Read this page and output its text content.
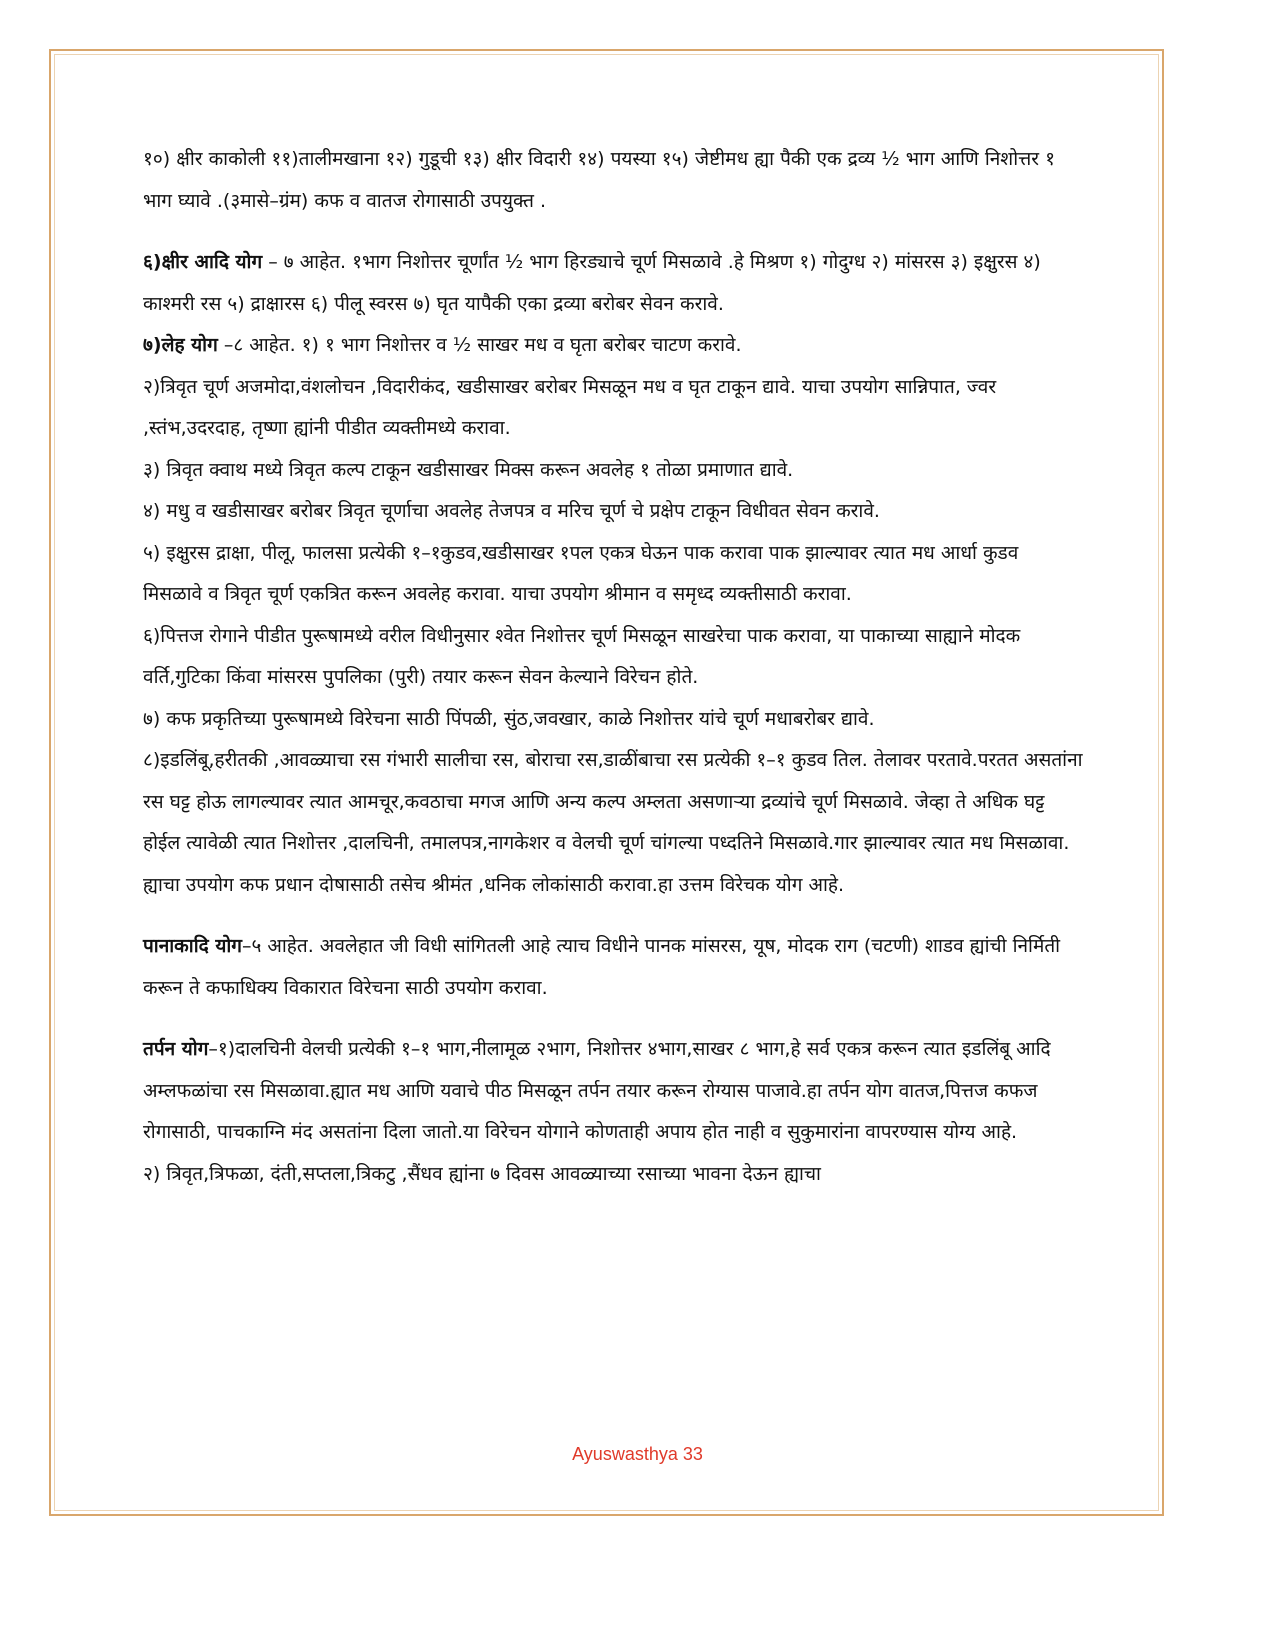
१०) क्षीर काकोली ११)तालीमखाना १२) गुडूची १३) क्षीर विदारी १४) पयस्या १५) जेष्टीमध ह्या पैकी एक द्रव्य ½ भाग आणि निशोत्तर १ भाग घ्यावे .(३मासे–ग्रंम) कफ व वातज रोगासाठी उपयुक्त .

६)क्षीर आदि योग – ७ आहेत. १भाग निशोत्तर चूर्णांत ½ भाग हिरड्याचे चूर्ण मिसळावे .हे मिश्रण १) गोदुग्ध २) मांसरस ३) इक्षुरस ४) काश्मरी रस ५) द्राक्षारस ६) पीलू स्वरस ७) घृत यापैकी एका द्रव्या बरोबर सेवन करावे.

७)लेह योग –८ आहेत. १) १ भाग निशोत्तर व ½ साखर मध व घृता बरोबर चाटण करावे.

२)त्रिवृत चूर्ण अजमोदा,वंशलोचन ,विदारीकंद, खडीसाखर बरोबर मिसळून मध व घृत टाकून द्यावे. याचा उपयोग सान्निपात, ज्वर ,स्तंभ,उदरदाह, तृष्णा ह्यांनी पीडीत व्यक्तीमध्ये करावा.

३) त्रिवृत क्वाथ मध्ये त्रिवृत कल्प टाकून खडीसाखर मिक्स करून अवलेह १ तोळा प्रमाणात द्यावे.

४) मधु व खडीसाखर बरोबर त्रिवृत चूर्णाचा अवलेह तेजपत्र व मरिच चूर्ण चे प्रक्षेप टाकून विधीवत सेवन करावे.

५) इक्षुरस द्राक्षा, पीलू, फालसा प्रत्येकी १–१कुडव,खडीसाखर १पल एकत्र घेऊन पाक करावा पाक झाल्यावर त्यात मध आर्धा कुडव मिसळावे व त्रिवृत चूर्ण एकत्रित करून अवलेह करावा. याचा उपयोग श्रीमान व समृध्द व्यक्तीसाठी करावा.

६)पित्तज रोगाने पीडीत पुरूषामध्ये वरील विधीनुसार श्वेत निशोत्तर चूर्ण मिसळून साखरेचा पाक करावा, या पाकाच्या साह्याने मोदक वर्ति,गुटिका किंवा मांसरस पुपलिका (पुरी) तयार करून सेवन केल्याने विरेचन होते.

७) कफ प्रकृतिच्या पुरूषामध्ये विरेचना साठी पिंपळी, सुंठ,जवखार, काळे निशोत्तर यांचे चूर्ण मधाबरोबर द्यावे.

८)इडलिंबू,हरीतकी ,आवळ्याचा रस गंभारी सालीचा रस, बोराचा रस,डाळींबाचा रस प्रत्येकी १–१ कुडव तिल. तेलावर परतावे.परतत असतांना रस घट्ट होऊ लागल्यावर त्यात आमचूर,कवठाचा मगज आणि अन्य कल्प अम्लता असणाऱ्या द्रव्यांचे चूर्ण मिसळावे. जेव्हा ते अधिक घट्ट होईल त्यावेळी त्यात निशोत्तर ,दालचिनी, तमालपत्र,नागकेशर व वेलची चूर्ण चांगल्या पध्दतिने मिसळावे.गार झाल्यावर त्यात मध मिसळावा. ह्याचा उपयोग कफ प्रधान दोषासाठी तसेच श्रीमंत ,धनिक लोकांसाठी करावा.हा उत्तम विरेचक योग आहे.

पानाकादि योग–५ आहेत. अवलेहात जी विधी सांगितली आहे त्याच विधीने पानक मांसरस, यूष, मोदक राग (चटणी) शाडव ह्यांची निर्मिती करून ते कफाधिक्य विकारात विरेचना साठी उपयोग करावा.

तर्पन योग–१)दालचिनी वेलची प्रत्येकी १–१ भाग,नीलामूळ २भाग, निशोत्तर ४भाग,साखर ८ भाग,हे सर्व एकत्र करून त्यात इडलिंबू आदि अम्लफळांचा रस मिसळावा.ह्यात मध आणि यवाचे पीठ मिसळून तर्पन तयार करून रोग्यास पाजावे.हा तर्पन योग वातज,पित्तज कफज रोगासाठी, पाचकाग्नि मंद असतांना दिला जातो.या विरेचन योगाने कोणताही अपाय होत नाही व सुकुमारांना वापरण्यास योग्य आहे.

२) त्रिवृत,त्रिफळा, दंती,सप्तला,त्रिकटु ,सैंधव ह्यांना ७ दिवस आवळ्याच्या रसाच्या भावना देऊन ह्याचा

Ayuswasthya 33
